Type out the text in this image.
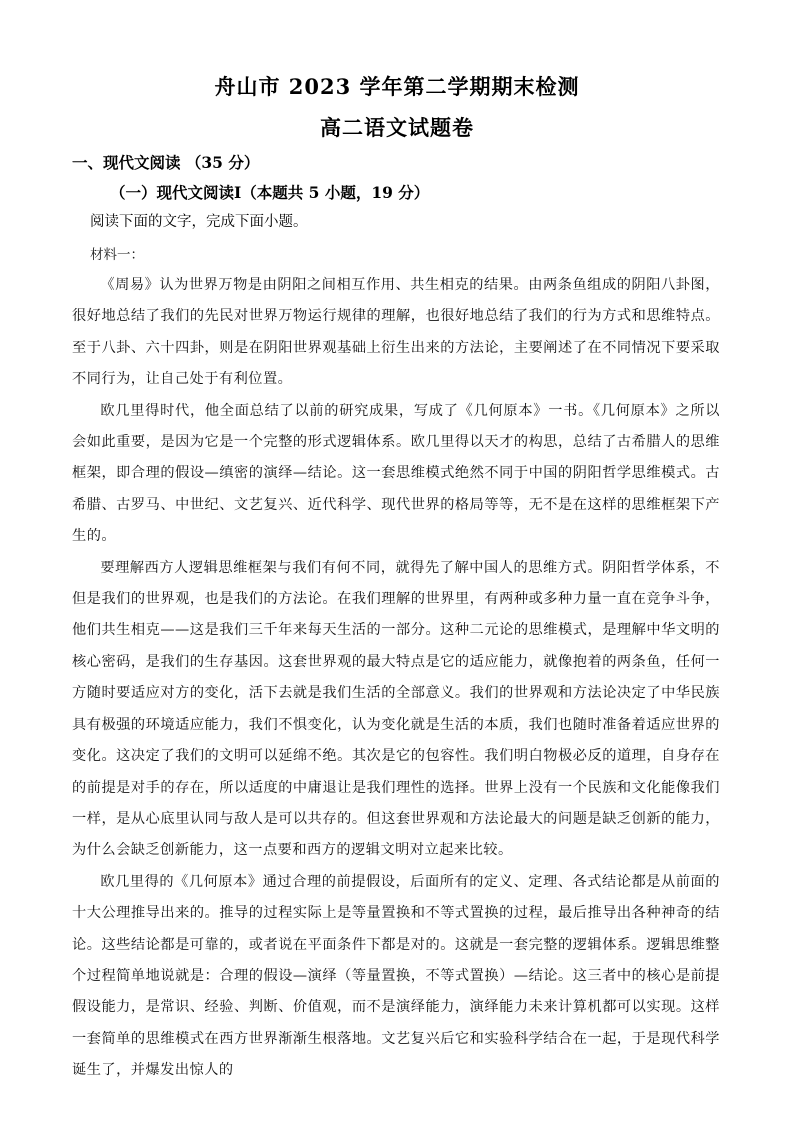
舟山市 2023 学年第二学期期末检测
高二语文试题卷
一、现代文阅读 （35 分）
（一）现代文阅读Ⅰ（本题共 5 小题，19 分）
阅读下面的文字，完成下面小题。
材料一：

《周易》认为世界万物是由阴阳之间相互作用、共生相克的结果。由两条鱼组成的阴阳八卦图，很好地总结了我们的先民对世界万物运行规律的理解，也很好地总结了我们的行为方式和思维特点。至于八卦、六十四卦，则是在阴阳世界观基础上衍生出来的方法论，主要阐述了在不同情况下要采取不同行为，让自己处于有利位置。

欧几里得时代，他全面总结了以前的研究成果，写成了《几何原本》一书。《几何原本》之所以会如此重要，是因为它是一个完整的形式逻辑体系。欧几里得以天才的构思，总结了古希腊人的思维框架，即合理的假设—缜密的演绎—结论。这一套思维模式绝然不同于中国的阴阳哲学思维模式。古希腊、古罗马、中世纪、文艺复兴、近代科学、现代世界的格局等等，无不是在这样的思维框架下产生的。

要理解西方人逻辑思维框架与我们有何不同，就得先了解中国人的思维方式。阴阳哲学体系，不但是我们的世界观，也是我们的方法论。在我们理解的世界里，有两种或多种力量一直在竞争斗争，他们共生相克——这是我们三千年来每天生活的一部分。这种二元论的思维模式，是理解中华文明的核心密码，是我们的生存基因。这套世界观的最大特点是它的适应能力，就像抱着的两条鱼，任何一方随时要适应对方的变化，活下去就是我们生活的全部意义。我们的世界观和方法论决定了中华民族具有极强的环境适应能力，我们不惧变化，认为变化就是生活的本质，我们也随时准备着适应世界的变化。这决定了我们的文明可以延绵不绝。其次是它的包容性。我们明白物极必反的道理，自身存在的前提是对手的存在，所以适度的中庸退让是我们理性的选择。世界上没有一个民族和文化能像我们一样，是从心底里认同与敌人是可以共存的。但这套世界观和方法论最大的问题是缺乏创新的能力，为什么会缺乏创新能力，这一点要和西方的逻辑文明对立起来比较。

欧几里得的《几何原本》通过合理的前提假设，后面所有的定义、定理、各式结论都是从前面的十大公理推导出来的。推导的过程实际上是等量置换和不等式置换的过程，最后推导出各种神奇的结论。这些结论都是可靠的，或者说在平面条件下都是对的。这就是一套完整的逻辑体系。逻辑思维整个过程简单地说就是：合理的假设—演绎（等量置换，不等式置换）—结论。这三者中的核心是前提假设能力，是常识、经验、判断、价值观，而不是演绎能力，演绎能力未来计算机都可以实现。这样一套简单的思维模式在西方世界渐渐生根落地。文艺复兴后它和实验科学结合在一起，于是现代科学诞生了，并爆发出惊人的
